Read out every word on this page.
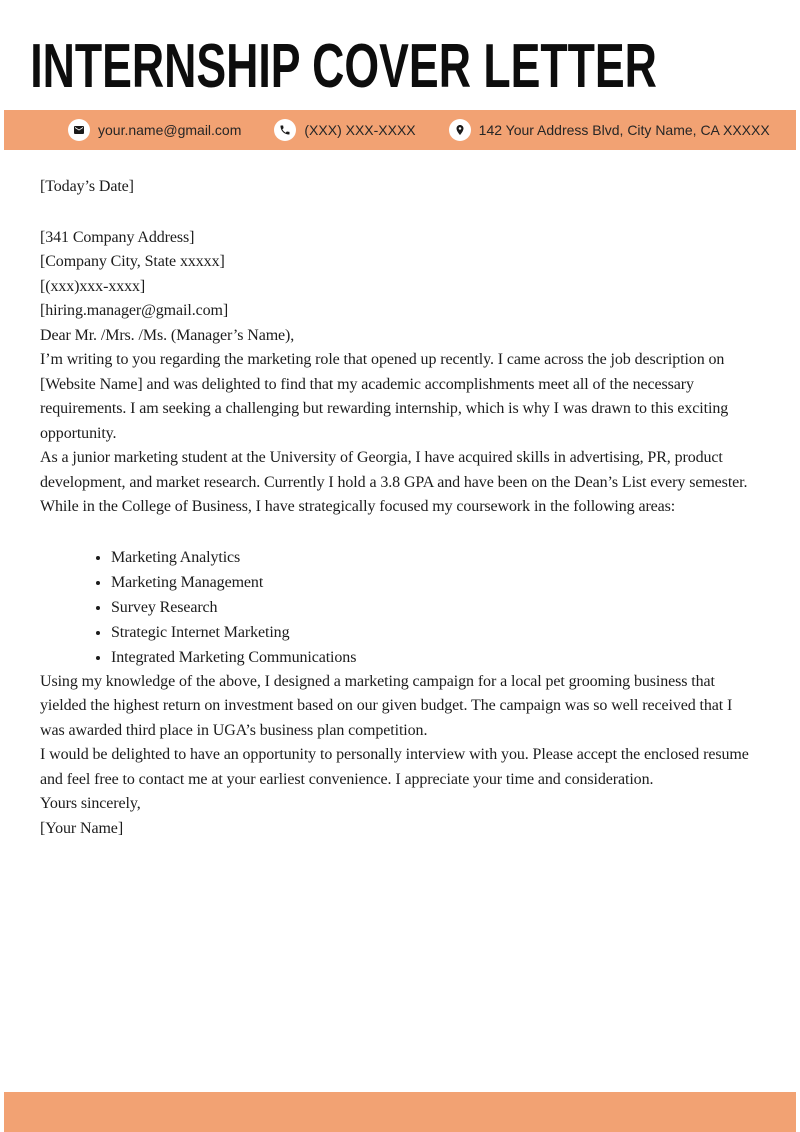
INTERNSHIP COVER LETTER
your.name@gmail.com	(XXX) XXX-XXXX	142 Your Address Blvd, City Name, CA XXXXX

[Today’s Date]

[341 Company Address]

[Company City, State xxxxx]

[(xxx)xxx-xxxx]

[hiring.manager@gmail.com]

Dear Mr. /Mrs. /Ms. (Manager’s Name),

I’m writing to you regarding the marketing role that opened up recently. I came across the job description on [Website Name] and was delighted to find that my academic accomplishments meet all of the necessary requirements. I am seeking a challenging but rewarding internship, which is why I was drawn to this exciting opportunity.

As a junior marketing student at the University of Georgia, I have acquired skills in advertising, PR, product development, and market research. Currently I hold a 3.8 GPA and have been on the Dean’s List every semester. While in the College of Business, I have strategically focused my coursework in the following areas:

• Marketing Analytics
• Marketing Management
• Survey Research
• Strategic Internet Marketing
• Integrated Marketing Communications

Using my knowledge of the above, I designed a marketing campaign for a local pet grooming business that yielded the highest return on investment based on our given budget. The campaign was so well received that I was awarded third place in UGA’s business plan competition.

I would be delighted to have an opportunity to personally interview with you. Please accept the enclosed resume and feel free to contact me at your earliest convenience. I appreciate your time and consideration.

Yours sincerely,

[Your Name]
